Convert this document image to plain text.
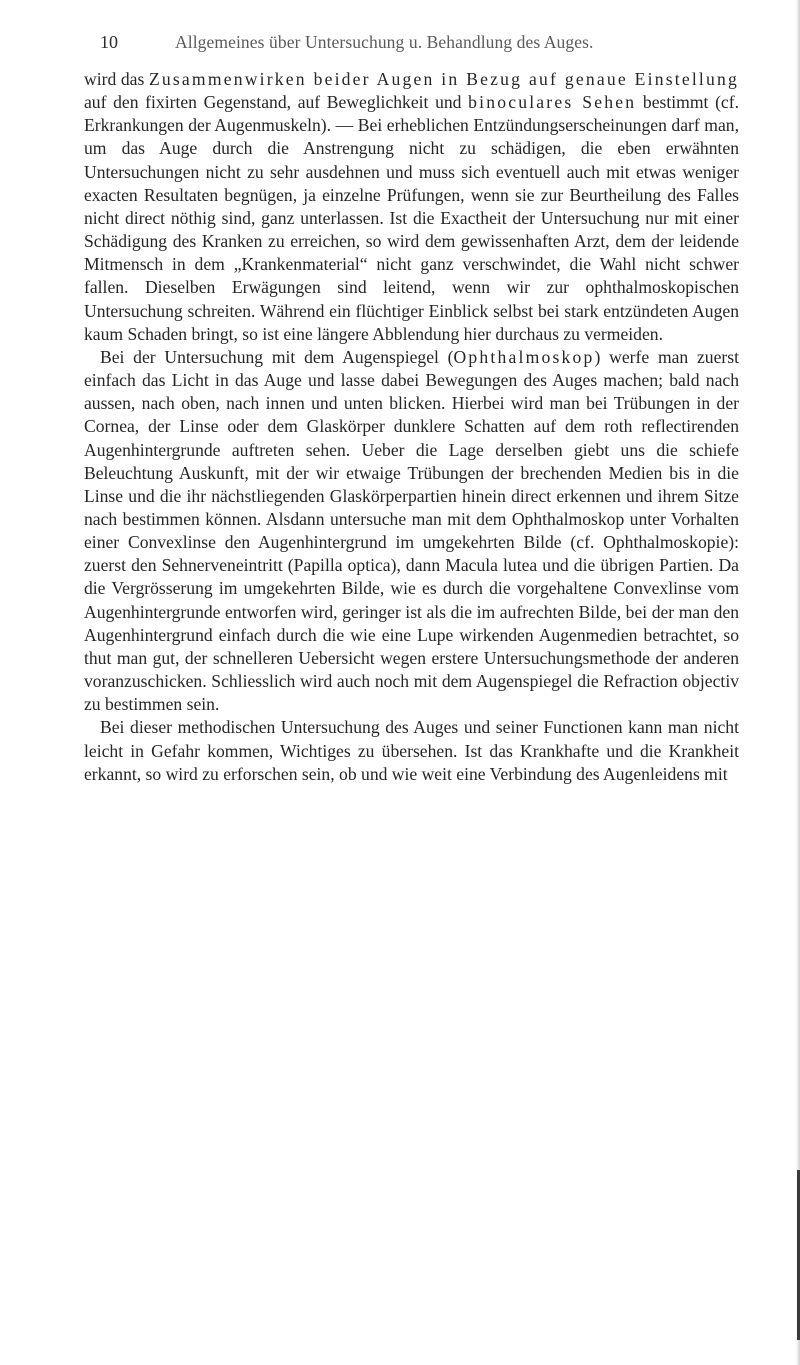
10	Allgemeines über Untersuchung u. Behandlung des Auges.

wird das Zusammenwirken beider Augen in Bezug auf genaue Einstellung auf den fixirten Gegenstand, auf Beweglichkeit und binoculares Sehen bestimmt (cf. Erkrankungen der Augenmuskeln). — Bei erheblichen Entzündungserscheinungen darf man, um das Auge durch die Anstrengung nicht zu schädigen, die eben erwähnten Untersuchungen nicht zu sehr ausdehnen und muss sich eventuell auch mit etwas weniger exacten Resultaten begnügen, ja einzelne Prüfungen, wenn sie zur Beurtheilung des Falles nicht direct nöthig sind, ganz unterlassen. Ist die Exactheit der Untersuchung nur mit einer Schädigung des Kranken zu erreichen, so wird dem gewissenhaften Arzt, dem der leidende Mitmensch in dem „Krankenmaterial“ nicht ganz verschwindet, die Wahl nicht schwer fallen. Dieselben Erwägungen sind leitend, wenn wir zur ophthalmoskopischen Untersuchung schreiten. Während ein flüchtiger Einblick selbst bei stark entzündeten Augen kaum Schaden bringt, so ist eine längere Abblendung hier durchaus zu vermeiden.

Bei der Untersuchung mit dem Augenspiegel (Ophthalmoskop) werfe man zuerst einfach das Licht in das Auge und lasse dabei Bewegungen des Auges machen; bald nach aussen, nach oben, nach innen und unten blicken. Hierbei wird man bei Trübungen in der Cornea, der Linse oder dem Glaskörper dunklere Schatten auf dem roth reflectirenden Augenhintergrunde auftreten sehen. Ueber die Lage derselben giebt uns die schiefe Beleuchtung Auskunft, mit der wir etwaige Trübungen der brechenden Medien bis in die Linse und die ihr nächstliegenden Glaskörperpartien hinein direct erkennen und ihrem Sitze nach bestimmen können. Alsdann untersuche man mit dem Ophthalmoskop unter Vorhalten einer Convexlinse den Augenhintergrund im umgekehrten Bilde (cf. Ophthalmoskopie): zuerst den Sehnerveneintritt (Papilla optica), dann Macula lutea und die übrigen Partien. Da die Vergrösserung im umgekehrten Bilde, wie es durch die vorgehaltene Convexlinse vom Augenhintergrunde entworfen wird, geringer ist als die im aufrechten Bilde, bei der man den Augenhintergrund einfach durch die wie eine Lupe wirkenden Augenmedien betrachtet, so thut man gut, der schnelleren Uebersicht wegen erstere Untersuchungsmethode der anderen voranzuschicken. Schliesslich wird auch noch mit dem Augenspiegel die Refraction objectiv zu bestimmen sein.

Bei dieser methodischen Untersuchung des Auges und seiner Functionen kann man nicht leicht in Gefahr kommen, Wichtiges zu übersehen. Ist das Krankhafte und die Krankheit erkannt, so wird zu erforschen sein, ob und wie weit eine Verbindung des Augenleidens mit
